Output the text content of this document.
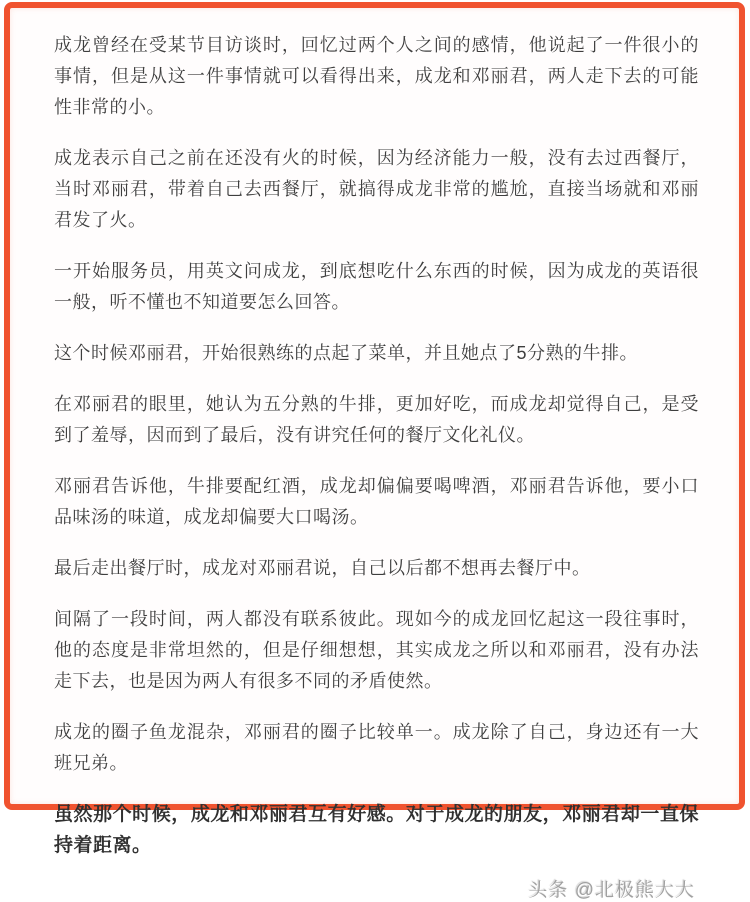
成龙曾经在受某节目访谈时，回忆过两个人之间的感情，他说起了一件很小的事情，但是从这一件事情就可以看得出来，成龙和邓丽君，两人走下去的可能性非常的小。

成龙表示自己之前在还没有火的时候，因为经济能力一般，没有去过西餐厅，当时邓丽君，带着自己去西餐厅，就搞得成龙非常的尴尬，直接当场就和邓丽君发了火。

一开始服务员，用英文问成龙，到底想吃什么东西的时候，因为成龙的英语很一般，听不懂也不知道要怎么回答。

这个时候邓丽君，开始很熟练的点起了菜单，并且她点了5分熟的牛排。

在邓丽君的眼里，她认为五分熟的牛排，更加好吃，而成龙却觉得自己，是受到了羞辱，因而到了最后，没有讲究任何的餐厅文化礼仪。

邓丽君告诉他，牛排要配红酒，成龙却偏偏要喝啤酒，邓丽君告诉他，要小口品味汤的味道，成龙却偏要大口喝汤。

最后走出餐厅时，成龙对邓丽君说，自己以后都不想再去餐厅中。

间隔了一段时间，两人都没有联系彼此。现如今的成龙回忆起这一段往事时，他的态度是非常坦然的，但是仔细想想，其实成龙之所以和邓丽君，没有办法走下去，也是因为两人有很多不同的矛盾使然。

成龙的圈子鱼龙混杂，邓丽君的圈子比较单一。成龙除了自己，身边还有一大班兄弟。

虽然那个时候，成龙和邓丽君互有好感。对于成龙的朋友，邓丽君却一直保持着距离。

头条 @北极熊大大
